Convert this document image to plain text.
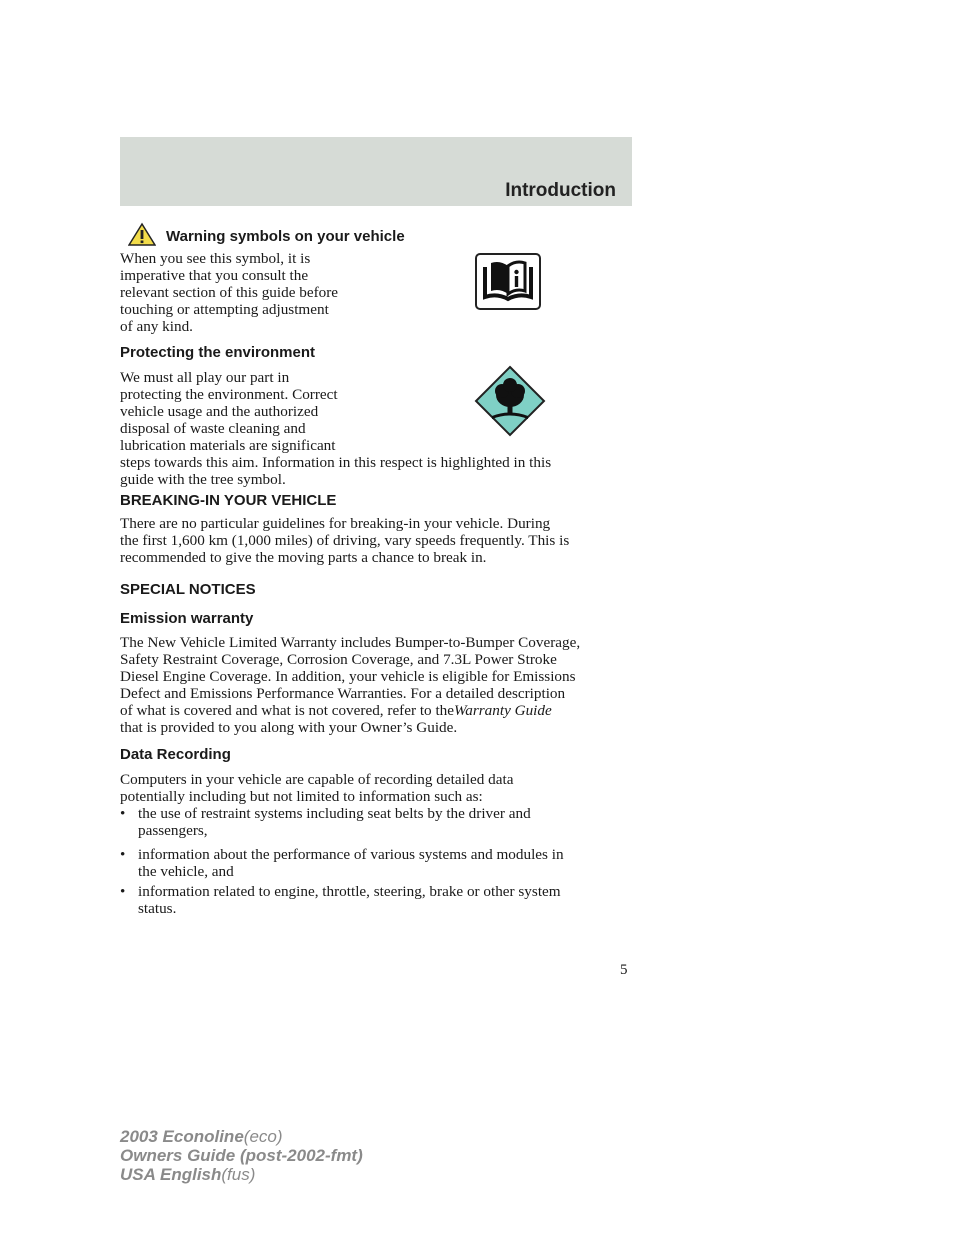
Introduction
Warning symbols on your vehicle
When you see this symbol, it is
imperative that you consult the
relevant section of this guide before
touching or attempting adjustment
of any kind.
Protecting the environment
We must all play our part in
protecting the environment. Correct
vehicle usage and the authorized
disposal of waste cleaning and
lubrication materials are significant
steps towards this aim. Information in this respect is highlighted in this
guide with the tree symbol.
BREAKING-IN YOUR VEHICLE
There are no particular guidelines for breaking-in your vehicle. During
the first 1,600 km (1,000 miles) of driving, vary speeds frequently. This is
recommended to give the moving parts a chance to break in.
SPECIAL NOTICES
Emission warranty
The New Vehicle Limited Warranty includes Bumper-to-Bumper Coverage,
Safety Restraint Coverage, Corrosion Coverage, and 7.3L Power Stroke
Diesel Engine Coverage. In addition, your vehicle is eligible for Emissions
Defect and Emissions Performance Warranties. For a detailed description
of what is covered and what is not covered, refer to theWarranty Guide
that is provided to you along with your Owner’s Guide.
Data Recording
Computers in your vehicle are capable of recording detailed data
potentially including but not limited to information such as:
• the use of restraint systems including seat belts by the driver and
passengers,
• information about the performance of various systems and modules in
the vehicle, and
• information related to engine, throttle, steering, brake or other system
status.
5
2003 Econoline(eco)
Owners Guide (post-2002-fmt)
USA English(fus)
